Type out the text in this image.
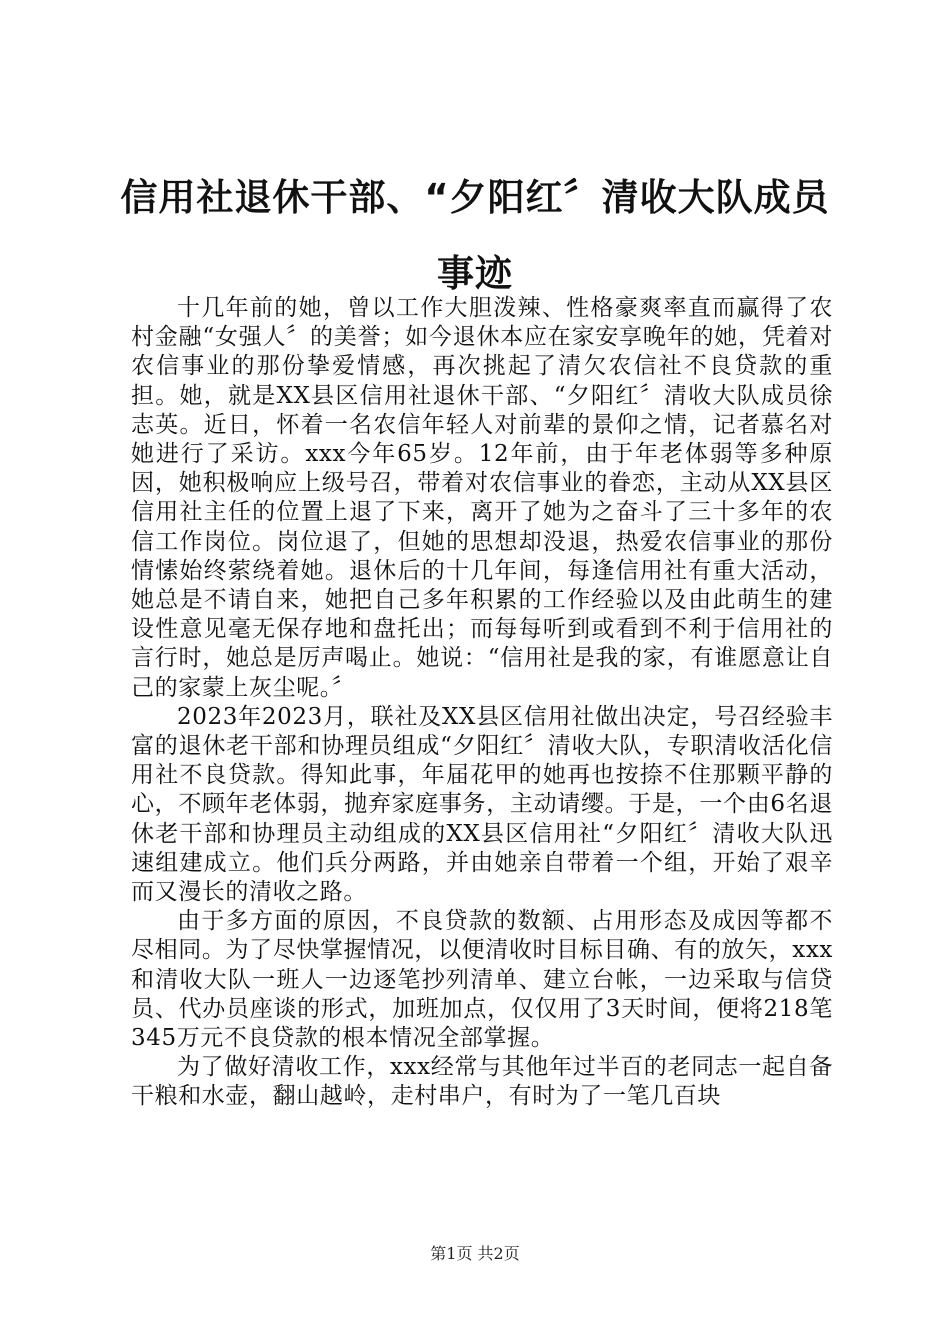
信用社退休干部、“夕阳红〞清收大队成员事迹

十几年前的她，曾以工作大胆泼辣、性格豪爽率直而赢得了农村金融“女强人〞的美誉；如今退休本应在家安享晚年的她，凭着对农信事业的那份挚爱情感，再次挑起了清欠农信社不良贷款的重担。她，就是XX县区信用社退休干部、“夕阳红〞清收大队成员徐志英。近日，怀着一名农信年轻人对前辈的景仰之情，记者慕名对她进行了采访。xxx今年65岁。12年前，由于年老体弱等多种原因，她积极响应上级号召，带着对农信事业的眷恋，主动从XX县区信用社主任的位置上退了下来，离开了她为之奋斗了三十多年的农信工作岗位。岗位退了，但她的思想却没退，热爱农信事业的那份情愫始终萦绕着她。退休后的十几年间，每逢信用社有重大活动，她总是不请自来，她把自己多年积累的工作经验以及由此萌生的建设性意见毫无保存地和盘托出；而每每听到或看到不利于信用社的言行时，她总是厉声喝止。她说：“信用社是我的家，有谁愿意让自己的家蒙上灰尘呢。〞

2023年2023月，联社及XX县区信用社做出决定，号召经验丰富的退休老干部和协理员组成“夕阳红〞清收大队，专职清收活化信用社不良贷款。得知此事，年届花甲的她再也按捺不住那颗平静的心，不顾年老体弱，抛弃家庭事务，主动请缨。于是，一个由6名退休老干部和协理员主动组成的XX县区信用社“夕阳红〞清收大队迅速组建成立。他们兵分两路，并由她亲自带着一个组，开始了艰辛而又漫长的清收之路。

由于多方面的原因，不良贷款的数额、占用形态及成因等都不尽相同。为了尽快掌握情况，以便清收时目标目确、有的放矢，xxx和清收大队一班人一边逐笔抄列清单、建立台帐，一边采取与信贷员、代办员座谈的形式，加班加点，仅仅用了3天时间，便将218笔345万元不良贷款的根本情况全部掌握。

为了做好清收工作，xxx经常与其他年过半百的老同志一起自备干粮和水壶，翻山越岭，走村串户，有时为了一笔几百块

第1页 共2页
